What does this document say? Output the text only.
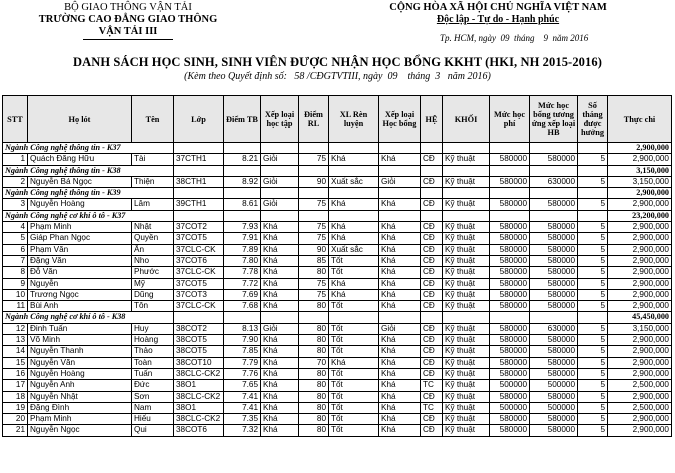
BỘ GIAO THÔNG VẬN TẢI
TRƯỜNG CAO ĐẲNG GIAO THÔNG VẬN TẢI III
CỘNG HÒA XÃ HỘI CHỦ NGHĨA VIỆT NAM
Độc lập - Tự do - Hạnh phúc
Tp. HCM, ngày  09  tháng    9  năm 2016
DANH SÁCH HỌC SINH, SINH VIÊN ĐƯỢC NHẬN HỌC BỔNG KKHT (HKI, NH 2015-2016)
(Kèm theo Quyết định số:   58 /CĐGTVTIII, ngày  09    tháng  3   năm 2016)
STT	Họ lót	Tên	Lớp	Điểm TB	Xếp loại học tập	Điểm RL	XL Rèn luyện	Xếp loại Học bổng	HỆ	KHỐI	Mức học phí	Mức học bổng tương ứng xếp loại HB	Số tháng được hưởng	Thực chi
Ngành Công nghệ thông tin - K37														2,900,000
1	Quách Đăng Hữu	Tài	37CTH1	8.21	Giỏi	75	Khá	Khá	CĐ	Kỹ thuật	580000	580000	5	2,900,000
Ngành Công nghệ thông tin - K38														3,150,000
2	Nguyễn Bá Ngọc	Thiện	38CTH1	8.92	Giỏi	90	Xuất sắc	Giỏi	CĐ	Kỹ thuật	580000	630000	5	3,150,000
Ngành Công nghệ thông tin - K39														2,900,000
3	Nguyễn Hoàng	Lâm	39CTH1	8.61	Giỏi	75	Khá	Khá	CĐ	Kỹ thuật	580000	580000	5	2,900,000
Ngành Công nghệ cơ khí ô tô - K37														23,200,000
4	Phạm Minh	Nhật	37COT2	7.93	Khá	75	Khá	Khá	CĐ	Kỹ thuật	580000	580000	5	2,900,000
5	Giáp Phan Ngọc	Quyền	37COT5	7.91	Khá	75	Khá	Khá	CĐ	Kỹ thuật	580000	580000	5	2,900,000
6	Phạm Văn	Ân	37CLC-CK	7.89	Khá	90	Xuất sắc	Khá	CĐ	Kỹ thuật	580000	580000	5	2,900,000
7	Đặng Văn	Nho	37COT6	7.80	Khá	85	Tốt	Khá	CĐ	Kỹ thuật	580000	580000	5	2,900,000
8	Đỗ Văn	Phước	37CLC-CK	7.78	Khá	80	Tốt	Khá	CĐ	Kỹ thuật	580000	580000	5	2,900,000
9	Nguyễn	Mỹ	37COT5	7.72	Khá	75	Khá	Khá	CĐ	Kỹ thuật	580000	580000	5	2,900,000
10	Trương Ngọc	Dũng	37COT3	7.69	Khá	75	Khá	Khá	CĐ	Kỹ thuật	580000	580000	5	2,900,000
11	Bùi Anh	Tôn	37CLC-CK	7.68	Khá	80	Tốt	Khá	CĐ	Kỹ thuật	580000	580000	5	2,900,000
Ngành Công nghệ cơ khí ô tô - K38														45,450,000
12	Đinh Tuấn	Huy	38COT2	8.13	Giỏi	80	Tốt	Giỏi	CĐ	Kỹ thuật	580000	630000	5	3,150,000
13	Võ Minh	Hoàng	38COT5	7.90	Khá	80	Tốt	Khá	CĐ	Kỹ thuật	580000	580000	5	2,900,000
14	Nguyễn Thanh	Thảo	38COT5	7.85	Khá	80	Tốt	Khá	CĐ	Kỹ thuật	580000	580000	5	2,900,000
15	Nguyễn Văn	Toàn	38COT10	7.79	Khá	70	Khá	Khá	CĐ	Kỹ thuật	580000	580000	5	2,900,000
16	Nguyễn Hoàng	Tuấn	38CLC-CK2	7.76	Khá	80	Tốt	Khá	CĐ	Kỹ thuật	580000	580000	5	2,900,000
17	Nguyễn Anh	Đức	38O1	7.65	Khá	80	Tốt	Khá	TC	Kỹ thuật	500000	500000	5	2,500,000
18	Nguyễn Nhật	Sơn	38CLC-CK2	7.41	Khá	80	Tốt	Khá	CĐ	Kỹ thuật	580000	580000	5	2,900,000
19	Đặng Đình	Nam	38O1	7.41	Khá	80	Tốt	Khá	TC	Kỹ thuật	500000	500000	5	2,500,000
20	Phạm Minh	Hiếu	38CLC-CK2	7.35	Khá	80	Tốt	Khá	CĐ	Kỹ thuật	580000	580000	5	2,900,000
21	Nguyễn Ngọc	Qui	38COT6	7.32	Khá	80	Tốt	Khá	CĐ	Kỹ thuật	580000	580000	5	2,900,000
